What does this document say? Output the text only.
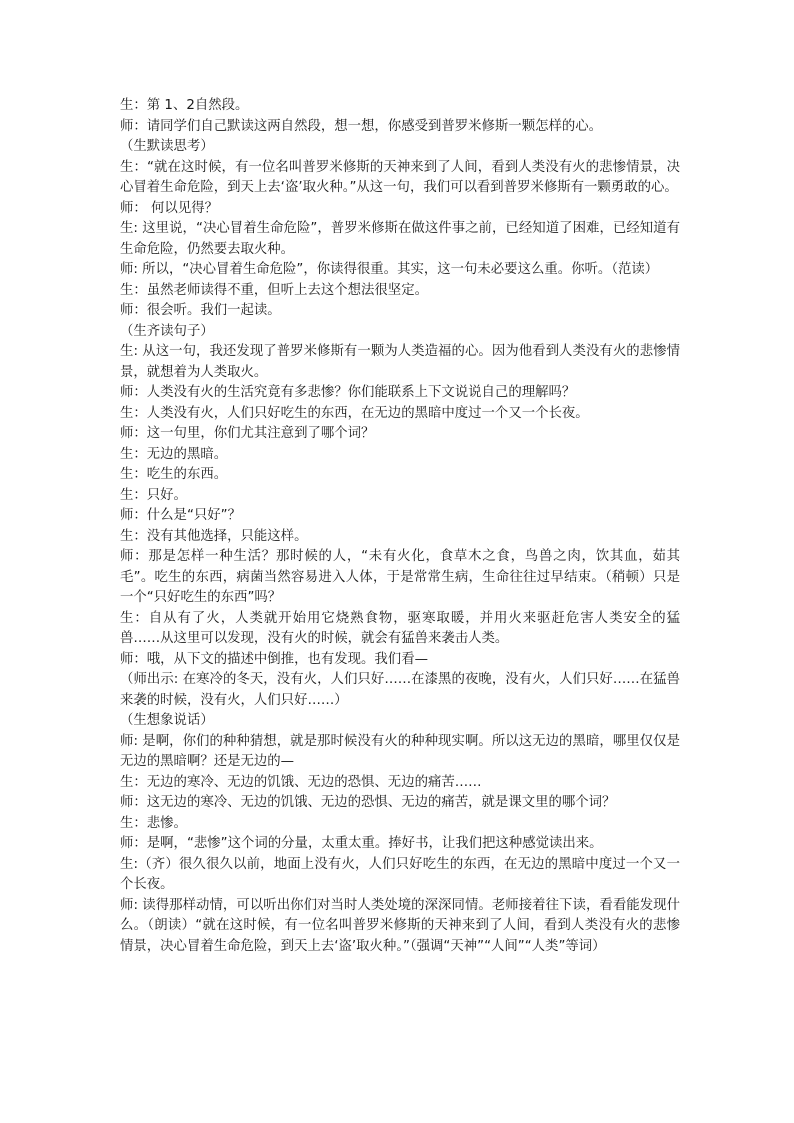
生：第 1、2自然段。

师：请同学们自己默读这两自然段，想一想，你感受到普罗米修斯一颗怎样的心。

（生默读思考）

生：“就在这时候，有一位名叫普罗米修斯的天神来到了人间，看到人类没有火的悲惨情景，决心冒着生命危险，到天上去‘盗’取火种。”从这一句，我们可以看到普罗米修斯有一颗勇敢的心。

师： 何以见得？

生: 这里说，“决心冒着生命危险”，普罗米修斯在做这件事之前，已经知道了困难，已经知道有生命危险，仍然要去取火种。

师: 所以，“决心冒着生命危险”，你读得很重。其实，这一句未必要这么重。你听。（范读）

生：虽然老师读得不重，但听上去这个想法很坚定。

师：很会听。我们一起读。

（生齐读句子）

生: 从这一句，我还发现了普罗米修斯有一颗为人类造福的心。因为他看到人类没有火的悲惨情景，就想着为人类取火。

师：人类没有火的生活究竟有多悲惨？你们能联系上下文说说自己的理解吗？

生：人类没有火，人们只好吃生的东西，在无边的黑暗中度过一个又一个长夜。

师：这一句里，你们尤其注意到了哪个词？

生：无边的黑暗。

生：吃生的东西。

生：只好。

师：什么是“只好”？

生：没有其他选择，只能这样。

师：那是怎样一种生活？那时候的人，“未有火化，食草木之食，鸟兽之肉，饮其血，茹其毛”。吃生的东西，病菌当然容易进入人体，于是常常生病，生命往往过早结束。（稍顿）只是一个“只好吃生的东西”吗？

生：自从有了火，人类就开始用它烧熟食物，驱寒取暖，并用火来驱赶危害人类安全的猛兽……从这里可以发现，没有火的时候，就会有猛兽来袭击人类。

师：哦，从下文的描述中倒推，也有发现。我们看—

（师出示: 在寒冷的冬天，没有火，人们只好……在漆黑的夜晚，没有火，人们只好……在猛兽来袭的时候，没有火，人们只好……）

（生想象说话）

师: 是啊，你们的种种猜想，就是那时候没有火的种种现实啊。所以这无边的黑暗，哪里仅仅是无边的黑暗啊？还是无边的—

生：无边的寒冷、无边的饥饿、无边的恐惧、无边的痛苦……

师：这无边的寒冷、无边的饥饿、无边的恐惧、无边的痛苦，就是课文里的哪个词？

生：悲惨。

师：是啊，“悲惨”这个词的分量，太重太重。捧好书，让我们把这种感觉读出来。

生:（齐）很久很久以前，地面上没有火，人们只好吃生的东西，在无边的黑暗中度过一个又一个长夜。

师: 读得那样动情，可以听出你们对当时人类处境的深深同情。老师接着往下读，看看能发现什么。（朗读）“就在这时候，有一位名叫普罗米修斯的天神来到了人间，看到人类没有火的悲惨情景，决心冒着生命危险，到天上去‘盗’取火种。”（强调“天神”“人间”“人类”等词）
